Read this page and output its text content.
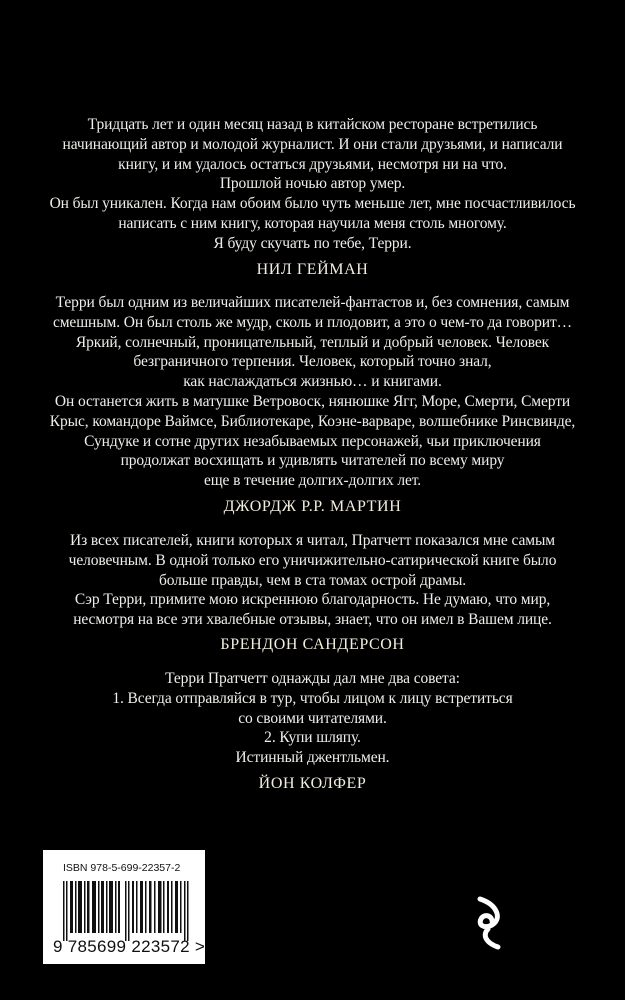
Тридцать лет и один месяц назад в китайском ресторане встретились
начинающий автор и молодой журналист. И они стали друзьями, и написали
книгу, и им удалось остаться друзьями, несмотря ни на что.
Прошлой ночью автор умер.
Он был уникален. Когда нам обоим было чуть меньше лет, мне посчастливилось
написать с ним книгу, которая научила меня столь многому.
Я буду скучать по тебе, Терри.
НИЛ ГЕЙМАН
Терри был одним из величайших писателей-фантастов и, без сомнения, самым
смешным. Он был столь же мудр, сколь и плодовит, а это о чем-то да говорит…
Яркий, солнечный, проницательный, теплый и добрый человек. Человек
безграничного терпения. Человек, который точно знал,
как наслаждаться жизнью… и книгами.
Он останется жить в матушке Ветровоск, нянюшке Ягг, Море, Смерти, Смерти
Крыс, командоре Ваймсе, Библиотекаре, Коэне-варваре, волшебнике Ринсвинде,
Сундуке и сотне других незабываемых персонажей, чьи приключения
продолжат восхищать и удивлять читателей по всему миру
еще в течение долгих-долгих лет.
ДЖОРДЖ Р.Р. МАРТИН
Из всех писателей, книги которых я читал, Пратчетт показался мне самым
человечным. В одной только его уничижительно-сатирической книге было
больше правды, чем в ста томах острой драмы.
Сэр Терри, примите мою искреннюю благодарность. Не думаю, что мир,
несмотря на все эти хвалебные отзывы, знает, что он имел в Вашем лице.
БРЕНДОН САНДЕРСОН
Терри Пратчетт однажды дал мне два совета:
1. Всегда отправляйся в тур, чтобы лицом к лицу встретиться
со своими читателями.
2. Купи шляпу.
Истинный джентльмен.
ЙОН КОЛФЕР
ISBN 978-5-699-22357-2
9 785699 223572 >
